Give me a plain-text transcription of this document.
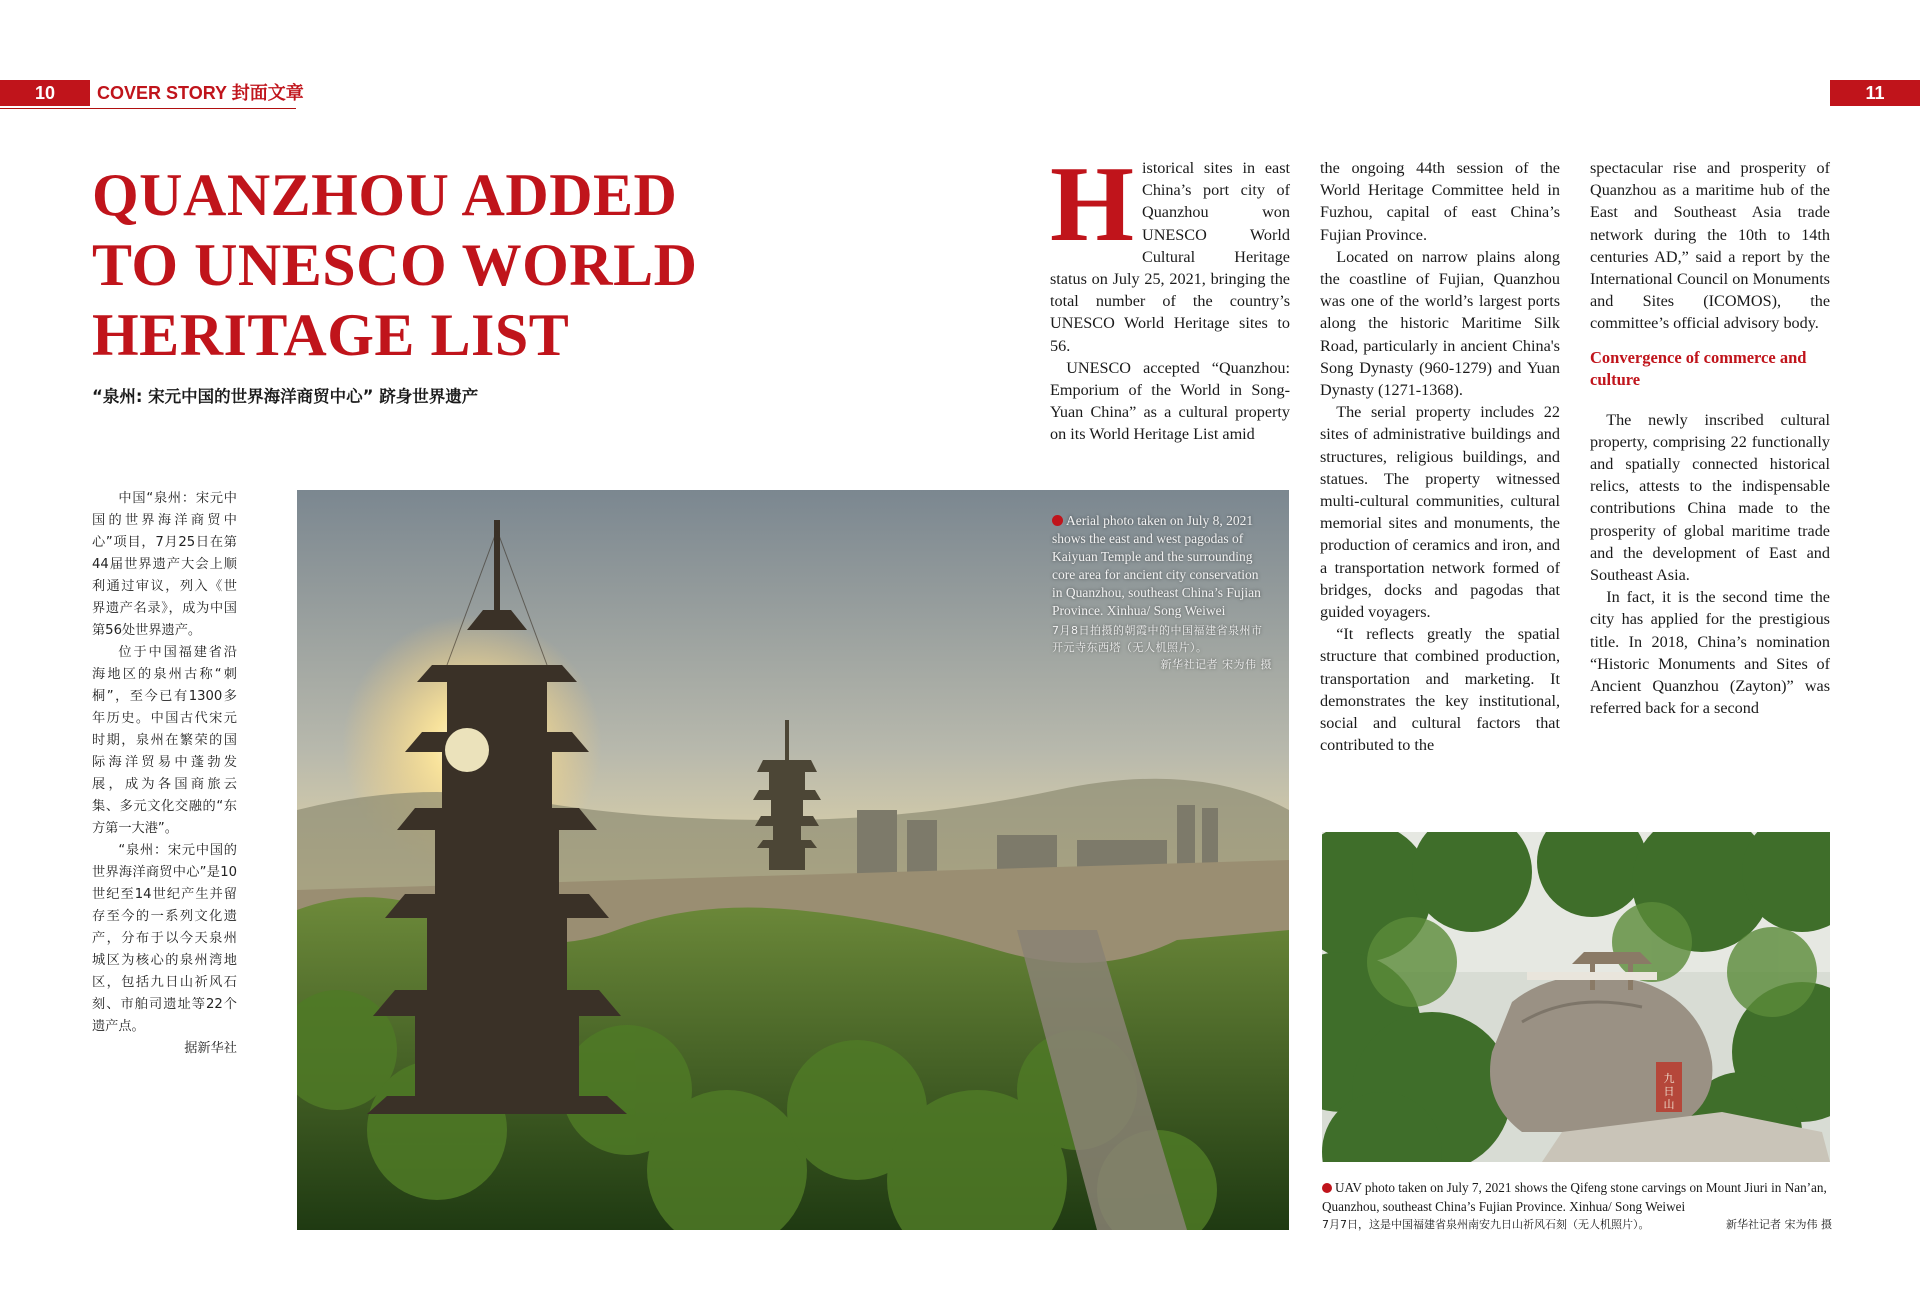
10	COVER STORY 封面文章	11
QUANZHOU ADDED
TO UNESCO WORLD
HERITAGE LIST
“泉州: 宋元中国的世界海洋商贸中心” 跻身世界遗产

中国“泉州：宋元中国的世界海洋商贸中心”项目，7月25日在第44届世界遗产大会上顺利通过审议，列入《世界遗产名录》，成为中国第56处世界遗产。

位于中国福建省沿海地区的泉州古称“刺桐”，至今已有1300多年历史。中国古代宋元时期，泉州在繁荣的国际海洋贸易中蓬勃发展，成为各国商旅云集、多元文化交融的“东方第一大港”。

“泉州：宋元中国的世界海洋商贸中心”是10世纪至14世纪产生并留存至今的一系列文化遗产，分布于以今天泉州城区为核心的泉州湾地区，包括九日山祈风石刻、市舶司遗址等22个遗产点。

据新华社

H istorical sites in east China’s port city of Quanzhou won UNESCO World Cultural Heritage status on July 25, 2021, bringing the total number of the country’s UNESCO World Heritage sites to 56.

UNESCO accepted “Quanzhou: Emporium of the World in Song-Yuan China” as a cultural property on its World Heritage List amid

the ongoing 44th session of the World Heritage Committee held in Fuzhou, capital of east China’s Fujian Province.

Located on narrow plains along the coastline of Fujian, Quanzhou was one of the world’s largest ports along the historic Maritime Silk Road, particularly in ancient China's Song Dynasty (960-1279) and Yuan Dynasty (1271-1368).

The serial property includes 22 sites of administrative buildings and structures, religious buildings, and statues. The property witnessed multi-cultural communities, cultural memorial sites and monuments, the production of ceramics and iron, and a transportation network formed of bridges, docks and pagodas that guided voyagers.

“It reflects greatly the spatial structure that combined production, transportation and marketing. It demonstrates the key institutional, social and cultural factors that contributed to the

spectacular rise and prosperity of Quanzhou as a maritime hub of the East and Southeast Asia trade network during the 10th to 14th centuries AD,” said a report by the International Council on Monuments and Sites (ICOMOS), the committee’s official advisory body.

Convergence of commerce and culture

The newly inscribed cultural property, comprising 22 functionally and spatially connected historical relics, attests to the indispensable contributions China made to the prosperity of global maritime trade and the development of East and Southeast Asia.

In fact, it is the second time the city has applied for the prestigious title. In 2018, China’s nomination “Historic Monuments and Sites of Ancient Quanzhou (Zayton)” was referred back for a second

Aerial photo taken on July 8, 2021 shows the east and west pagodas of Kaiyuan Temple and the surrounding core area for ancient city conservation in Quanzhou, southeast China’s Fujian Province. Xinhua/ Song Weiwei
7月8日拍摄的朝霞中的中国福建省泉州市开元寺东西塔（无人机照片）。
新华社记者 宋为伟 摄
九
日
山
UAV photo taken on July 7, 2021 shows the Qifeng stone carvings on Mount Jiuri in Nan’an, Quanzhou, southeast China’s Fujian Province. Xinhua/ Song Weiwei
7月7日，这是中国福建省泉州南安九日山祈风石刻（无人机照片）。	新华社记者 宋为伟 摄
